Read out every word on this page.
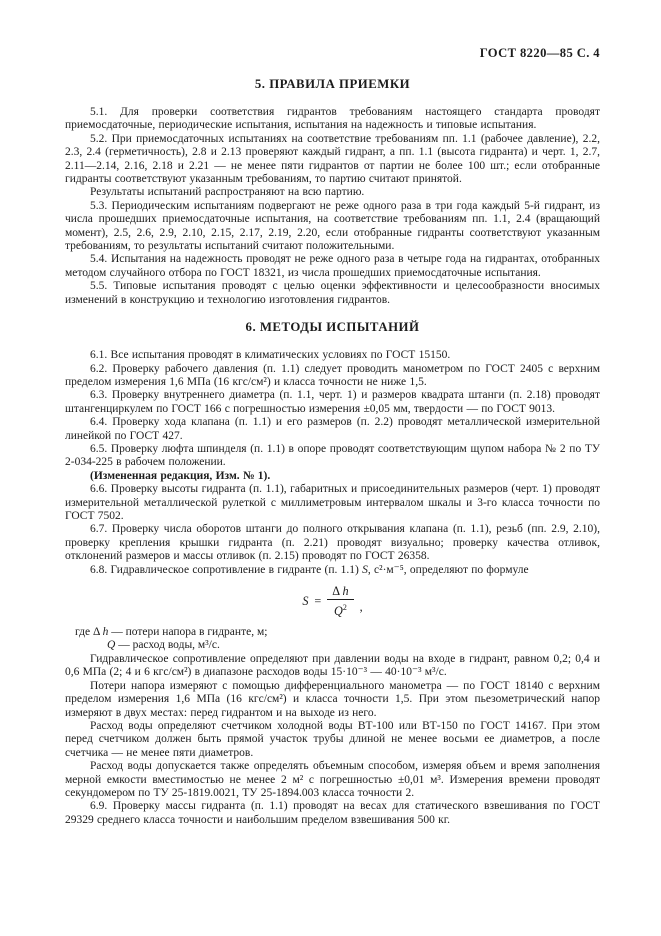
ГОСТ 8220—85 С. 4
5. ПРАВИЛА ПРИЕМКИ

5.1. Для проверки соответствия гидрантов требованиям настоящего стандарта проводят приемосдаточные, периодические испытания, испытания на надежность и типовые испытания.

5.2. При приемосдаточных испытаниях на соответствие требованиям пп. 1.1 (рабочее давление), 2.2, 2.3, 2.4 (герметичность), 2.8 и 2.13 проверяют каждый гидрант, а пп. 1.1 (высота гидранта) и черт. 1, 2.7, 2.11—2.14, 2.16, 2.18 и 2.21 — не менее пяти гидрантов от партии не более 100 шт.; если отобранные гидранты соответствуют указанным требованиям, то партию считают принятой.

Результаты испытаний распространяют на всю партию.

5.3. Периодическим испытаниям подвергают не реже одного раза в три года каждый 5-й гидрант, из числа прошедших приемосдаточные испытания, на соответствие требованиям пп. 1.1, 2.4 (вращающий момент), 2.5, 2.6, 2.9, 2.10, 2.15, 2.17, 2.19, 2.20, если отобранные гидранты соответствуют указанным требованиям, то результаты испытаний считают положительными.

5.4. Испытания на надежность проводят не реже одного раза в четыре года на гидрантах, отобранных методом случайного отбора по ГОСТ 18321, из числа прошедших приемосдаточные испытания.

5.5. Типовые испытания проводят с целью оценки эффективности и целесообразности вносимых изменений в конструкцию и технологию изготовления гидрантов.

6. МЕТОДЫ ИСПЫТАНИЙ

6.1. Все испытания проводят в климатических условиях по ГОСТ 15150.

6.2. Проверку рабочего давления (п. 1.1) следует проводить манометром по ГОСТ 2405 с верхним пределом измерения 1,6 МПа (16 кгс/см²) и класса точности не ниже 1,5.

6.3. Проверку внутреннего диаметра (п. 1.1, черт. 1) и размеров квадрата штанги (п. 2.18) проводят штангенциркулем по ГОСТ 166 с погрешностью измерения ±0,05 мм, твердости — по ГОСТ 9013.

6.4. Проверку хода клапана (п. 1.1) и его размеров (п. 2.2) проводят металлической измерительной линейкой по ГОСТ 427.

6.5. Проверку люфта шпинделя (п. 1.1) в опоре проводят соответствующим щупом набора № 2 по ТУ 2-034-225 в рабочем положении.

(Измененная редакция, Изм. № 1).

6.6. Проверку высоты гидранта (п. 1.1), габаритных и присоединительных размеров (черт. 1) проводят измерительной металлической рулеткой с миллиметровым интервалом шкалы и 3-го класса точности по ГОСТ 7502.

6.7. Проверку числа оборотов штанги до полного открывания клапана (п. 1.1), резьб (пп. 2.9, 2.10), проверку крепления крышки гидранта (п. 2.21) проводят визуально; проверку качества отливок, отклонений размеров и массы отливок (п. 2.15) проводят по ГОСТ 26358.

6.8. Гидравлическое сопротивление в гидранте (п. 1.1) S, с²·м⁻⁵, определяют по формуле

$S = \frac{\text{Δ h}}{Q^2}$ ,
где Δ h — потери напора в гидранте, м;
Q — расход воды, м³/с.

Гидравлическое сопротивление определяют при давлении воды на входе в гидрант, равном 0,2; 0,4 и 0,6 МПа (2; 4 и 6 кгс/см²) в диапазоне расходов воды 15·10⁻³ — 40·10⁻³ м³/с.

Потери напора измеряют с помощью дифференциального манометра — по ГОСТ 18140 с верхним пределом измерения 1,6 МПа (16 кгс/см²) и класса точности 1,5. При этом пьезометрический напор измеряют в двух местах: перед гидрантом и на выходе из него.

Расход воды определяют счетчиком холодной воды ВТ-100 или ВТ-150 по ГОСТ 14167. При этом перед счетчиком должен быть прямой участок трубы длиной не менее восьми ее диаметров, а после счетчика — не менее пяти диаметров.

Расход воды допускается также определять объемным способом, измеряя объем и время заполнения мерной емкости вместимостью не менее 2 м² с погрешностью ±0,01 м³. Измерения времени проводят секундомером по ТУ 25-1819.0021, ТУ 25-1894.003 класса точности 2.

6.9. Проверку массы гидранта (п. 1.1) проводят на весах для статического взвешивания по ГОСТ 29329 среднего класса точности и наибольшим пределом взвешивания 500 кг.
